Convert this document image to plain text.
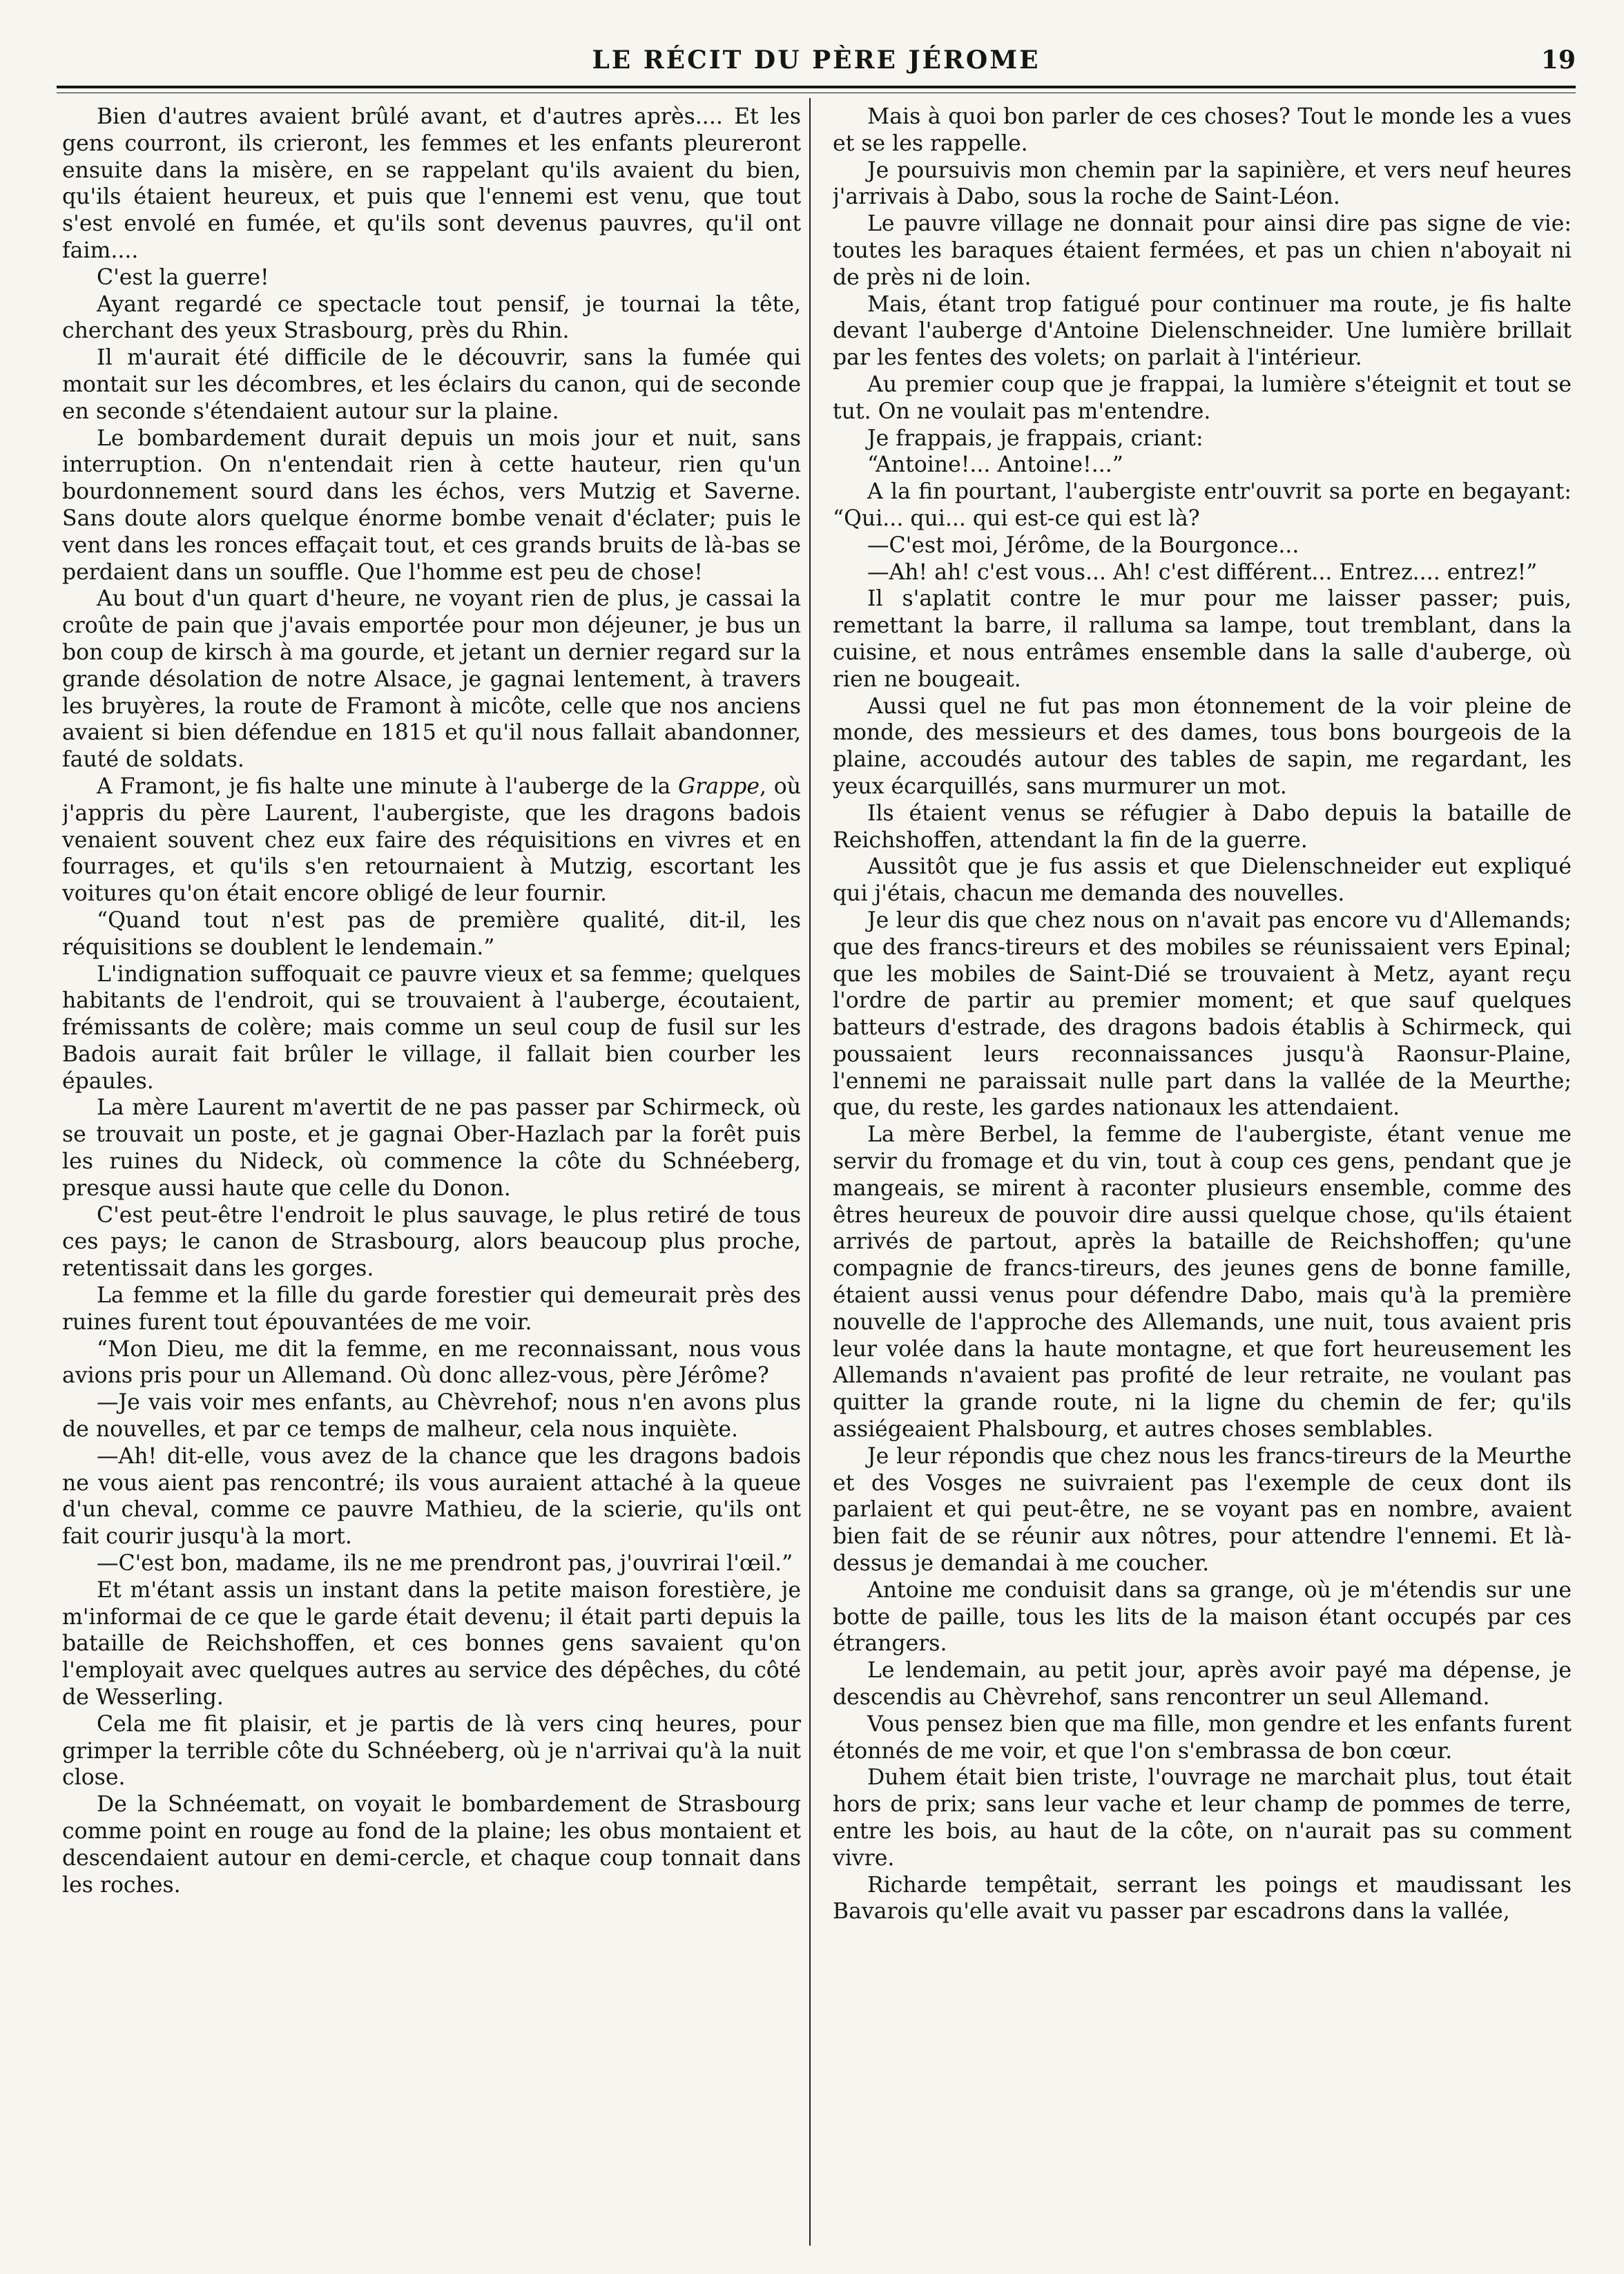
LE RÉCIT DU PÈRE JÉROME	19

Bien d'autres avaient brûlé avant, et d'autres après.... Et les gens courront, ils crieront, les femmes et les enfants pleureront ensuite dans la misère, en se rappelant qu'ils avaient du bien, qu'ils étaient heureux, et puis que l'ennemi est venu, que tout s'est envolé en fumée, et qu'ils sont devenus pauvres, qu'il ont faim....

C'est la guerre!

Ayant regardé ce spectacle tout pensif, je tournai la tête, cherchant des yeux Strasbourg, près du Rhin.

Il m'aurait été difficile de le découvrir, sans la fumée qui montait sur les décombres, et les éclairs du canon, qui de seconde en seconde s'étendaient autour sur la plaine.

Le bombardement durait depuis un mois jour et nuit, sans interruption. On n'entendait rien à cette hauteur, rien qu'un bourdonnement sourd dans les échos, vers Mutzig et Saverne. Sans doute alors quelque énorme bombe venait d'éclater; puis le vent dans les ronces effaçait tout, et ces grands bruits de là-bas se perdaient dans un souffle. Que l'homme est peu de chose!

Au bout d'un quart d'heure, ne voyant rien de plus, je cassai la croûte de pain que j'avais emportée pour mon déjeuner, je bus un bon coup de kirsch à ma gourde, et jetant un dernier regard sur la grande désolation de notre Alsace, je gagnai lentement, à travers les bruyères, la route de Framont à micôte, celle que nos anciens avaient si bien défendue en 1815 et qu'il nous fallait abandonner, fauté de soldats.

A Framont, je fis halte une minute à l'auberge de la Grappe, où j'appris du père Laurent, l'aubergiste, que les dragons badois venaient souvent chez eux faire des réquisitions en vivres et en fourrages, et qu'ils s'en retournaient à Mutzig, escortant les voitures qu'on était encore obligé de leur fournir.

“Quand tout n'est pas de première qualité, dit-il, les réquisitions se doublent le lendemain.”

L'indignation suffoquait ce pauvre vieux et sa femme; quelques habitants de l'endroit, qui se trouvaient à l'auberge, écoutaient, frémissants de colère; mais comme un seul coup de fusil sur les Badois aurait fait brûler le village, il fallait bien courber les épaules.

La mère Laurent m'avertit de ne pas passer par Schirmeck, où se trouvait un poste, et je gagnai Ober-Hazlach par la forêt puis les ruines du Nideck, où commence la côte du Schnéeberg, presque aussi haute que celle du Donon.

C'est peut-être l'endroit le plus sauvage, le plus retiré de tous ces pays; le canon de Strasbourg, alors beaucoup plus proche, retentissait dans les gorges.

La femme et la fille du garde forestier qui demeurait près des ruines furent tout épouvantées de me voir.

“Mon Dieu, me dit la femme, en me reconnaissant, nous vous avions pris pour un Allemand. Où donc allez-vous, père Jérôme?

—Je vais voir mes enfants, au Chèvrehof; nous n'en avons plus de nouvelles, et par ce temps de malheur, cela nous inquiète.

—Ah! dit-elle, vous avez de la chance que les dragons badois ne vous aient pas rencontré; ils vous auraient attaché à la queue d'un cheval, comme ce pauvre Mathieu, de la scierie, qu'ils ont fait courir jusqu'à la mort.

—C'est bon, madame, ils ne me prendront pas, j'ouvrirai l'œil.”

Et m'étant assis un instant dans la petite maison forestière, je m'informai de ce que le garde était devenu; il était parti depuis la bataille de Reichshoffen, et ces bonnes gens savaient qu'on l'employait avec quelques autres au service des dépêches, du côté de Wesserling.

Cela me fit plaisir, et je partis de là vers cinq heures, pour grimper la terrible côte du Schnéeberg, où je n'arrivai qu'à la nuit close.

De la Schnéematt, on voyait le bombardement de Strasbourg comme point en rouge au fond de la plaine; les obus montaient et descendaient autour en demi-cercle, et chaque coup tonnait dans les roches.

Mais à quoi bon parler de ces choses? Tout le monde les a vues et se les rappelle.

Je poursuivis mon chemin par la sapinière, et vers neuf heures j'arrivais à Dabo, sous la roche de Saint-Léon.

Le pauvre village ne donnait pour ainsi dire pas signe de vie: toutes les baraques étaient fermées, et pas un chien n'aboyait ni de près ni de loin.

Mais, étant trop fatigué pour continuer ma route, je fis halte devant l'auberge d'Antoine Dielenschneider. Une lumière brillait par les fentes des volets; on parlait à l'intérieur.

Au premier coup que je frappai, la lumière s'éteignit et tout se tut. On ne voulait pas m'entendre.

Je frappais, je frappais, criant:

“Antoine!... Antoine!...”

A la fin pourtant, l'aubergiste entr'ouvrit sa porte en begayant: “Qui... qui... qui est-ce qui est là?

—C'est moi, Jérôme, de la Bourgonce...

—Ah! ah! c'est vous... Ah! c'est différent... Entrez.... entrez!”

Il s'aplatit contre le mur pour me laisser passer; puis, remettant la barre, il ralluma sa lampe, tout tremblant, dans la cuisine, et nous entrâmes ensemble dans la salle d'auberge, où rien ne bougeait.

Aussi quel ne fut pas mon étonnement de la voir pleine de monde, des messieurs et des dames, tous bons bourgeois de la plaine, accoudés autour des tables de sapin, me regardant, les yeux écarquillés, sans murmurer un mot.

Ils étaient venus se réfugier à Dabo depuis la bataille de Reichshoffen, attendant la fin de la guerre.

Aussitôt que je fus assis et que Dielenschneider eut expliqué qui j'étais, chacun me demanda des nouvelles.

Je leur dis que chez nous on n'avait pas encore vu d'Allemands; que des francs-tireurs et des mobiles se réunissaient vers Epinal; que les mobiles de Saint-Dié se trouvaient à Metz, ayant reçu l'ordre de partir au premier moment; et que sauf quelques batteurs d'estrade, des dragons badois établis à Schirmeck, qui poussaient leurs reconnaissances jusqu'à Raonsur-Plaine, l'ennemi ne paraissait nulle part dans la vallée de la Meurthe; que, du reste, les gardes nationaux les attendaient.

La mère Berbel, la femme de l'aubergiste, étant venue me servir du fromage et du vin, tout à coup ces gens, pendant que je mangeais, se mirent à raconter plusieurs ensemble, comme des êtres heureux de pouvoir dire aussi quelque chose, qu'ils étaient arrivés de partout, après la bataille de Reichshoffen; qu'une compagnie de francs-tireurs, des jeunes gens de bonne famille, étaient aussi venus pour défendre Dabo, mais qu'à la première nouvelle de l'approche des Allemands, une nuit, tous avaient pris leur volée dans la haute montagne, et que fort heureusement les Allemands n'avaient pas profité de leur retraite, ne voulant pas quitter la grande route, ni la ligne du chemin de fer; qu'ils assiégeaient Phalsbourg, et autres choses semblables.

Je leur répondis que chez nous les francs-tireurs de la Meurthe et des Vosges ne suivraient pas l'exemple de ceux dont ils parlaient et qui peut-être, ne se voyant pas en nombre, avaient bien fait de se réunir aux nôtres, pour attendre l'ennemi. Et là-dessus je demandai à me coucher.

Antoine me conduisit dans sa grange, où je m'étendis sur une botte de paille, tous les lits de la maison étant occupés par ces étrangers.

Le lendemain, au petit jour, après avoir payé ma dépense, je descendis au Chèvrehof, sans rencontrer un seul Allemand.

Vous pensez bien que ma fille, mon gendre et les enfants furent étonnés de me voir, et que l'on s'embrassa de bon cœur.

Duhem était bien triste, l'ouvrage ne marchait plus, tout était hors de prix; sans leur vache et leur champ de pommes de terre, entre les bois, au haut de la côte, on n'aurait pas su comment vivre.

Richarde tempêtait, serrant les poings et maudissant les Bavarois qu'elle avait vu passer par escadrons dans la vallée,
